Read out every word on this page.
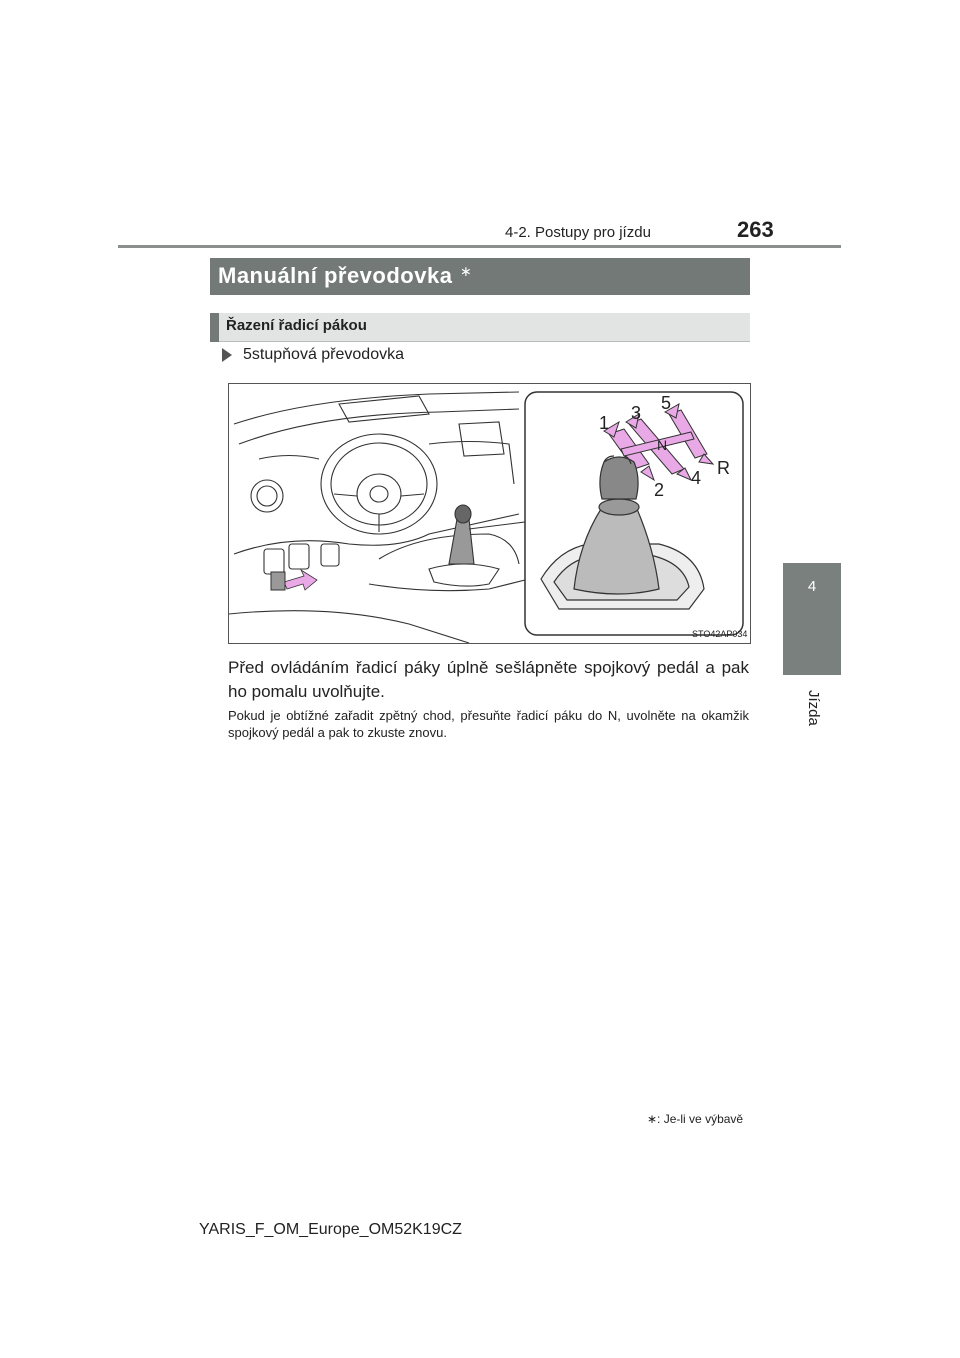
4-2. Postupy pro jízdu	263
4
Jízda
Manuální převodovka ∗
Řazení řadicí pákou
5stupňová převodovka
1 3 5
N
2
4 R
STO42AP034
Před ovládáním řadicí páky úplně sešlápněte spojkový pedál a pak ho pomalu uvolňujte.
Pokud je obtížné zařadit zpětný chod, přesuňte řadicí páku do N, uvolněte na okamžik spojkový pedál a pak to zkuste znovu.
∗: Je-li ve výbavě
YARIS_F_OM_Europe_OM52K19CZ
